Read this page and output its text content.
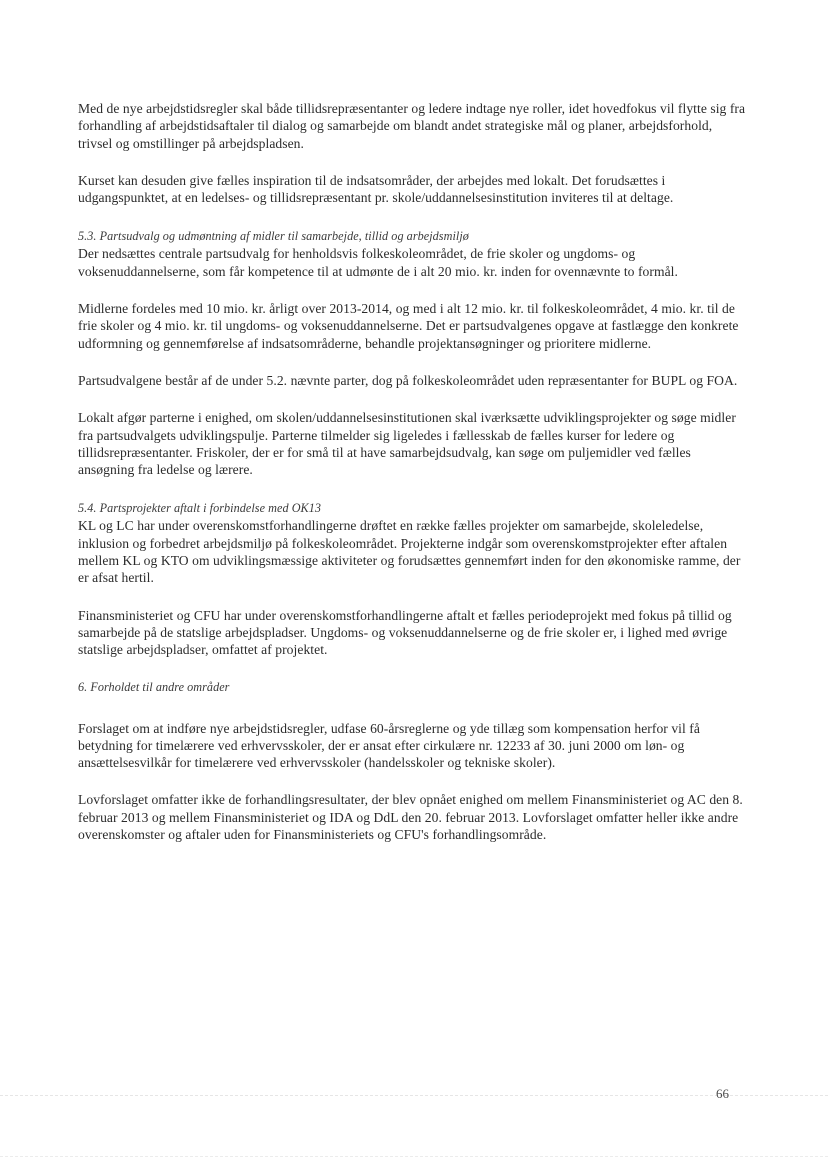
Med de nye arbejdstidsregler skal både tillidsrepræsentanter og ledere indtage nye roller, idet hovedfokus vil flytte sig fra forhandling af arbejdstidsaftaler til dialog og samarbejde om blandt andet strategiske mål og planer, arbejdsforhold, trivsel og omstillinger på arbejdspladsen.

Kurset kan desuden give fælles inspiration til de indsatsområder, der arbejdes med lokalt. Det forudsættes i udgangspunktet, at en ledelses- og tillidsrepræsentant pr. skole/uddannelsesinstitution inviteres til at deltage.

5.3. Partsudvalg og udmøntning af midler til samarbejde, tillid og arbejdsmiljø

Der nedsættes centrale partsudvalg for henholdsvis folkeskoleområdet, de frie skoler og ungdoms- og voksenuddannelserne, som får kompetence til at udmønte de i alt 20 mio. kr. inden for ovennævnte to formål.

Midlerne fordeles med 10 mio. kr. årligt over 2013-2014, og med i alt 12 mio. kr. til folkeskoleområdet, 4 mio. kr. til de frie skoler og 4 mio. kr. til ungdoms- og voksenuddannelserne. Det er partsudvalgenes opgave at fastlægge den konkrete udformning og gennemførelse af indsatsområderne, behandle projektansøgninger og prioritere midlerne.

Partsudvalgene består af de under 5.2. nævnte parter, dog på folkeskoleområdet uden repræsentanter for BUPL og FOA.

Lokalt afgør parterne i enighed, om skolen/uddannelsesinstitutionen skal iværksætte udviklingsprojekter og søge midler fra partsudvalgets udviklingspulje. Parterne tilmelder sig ligeledes i fællesskab de fælles kurser for ledere og tillidsrepræsentanter. Friskoler, der er for små til at have samarbejdsudvalg, kan søge om puljemidler ved fælles ansøgning fra ledelse og lærere.

5.4. Partsprojekter aftalt i forbindelse med OK13

KL og LC har under overenskomstforhandlingerne drøftet en række fælles projekter om samarbejde, skoleledelse, inklusion og forbedret arbejdsmiljø på folkeskoleområdet. Projekterne indgår som overenskomstprojekter efter aftalen mellem KL og KTO om udviklingsmæssige aktiviteter og forudsættes gennemført inden for den økonomiske ramme, der er afsat hertil.

Finansministeriet og CFU har under overenskomstforhandlingerne aftalt et fælles periodeprojekt med fokus på tillid og samarbejde på de statslige arbejdspladser. Ungdoms- og voksenuddannelserne og de frie skoler er, i lighed med øvrige statslige arbejdspladser, omfattet af projektet.

6. Forholdet til andre områder

Forslaget om at indføre nye arbejdstidsregler, udfase 60-årsreglerne og yde tillæg som kompensation herfor vil få betydning for timelærere ved erhvervsskoler, der er ansat efter cirkulære nr. 12233 af 30. juni 2000 om løn- og ansættelsesvilkår for timelærere ved erhvervsskoler (handelsskoler og tekniske skoler).

Lovforslaget omfatter ikke de forhandlingsresultater, der blev opnået enighed om mellem Finansministeriet og AC den 8. februar 2013 og mellem Finansministeriet og IDA og DdL den 20. februar 2013. Lovforslaget omfatter heller ikke andre overenskomster og aftaler uden for Finansministeriets og CFU's forhandlingsområde.

66
